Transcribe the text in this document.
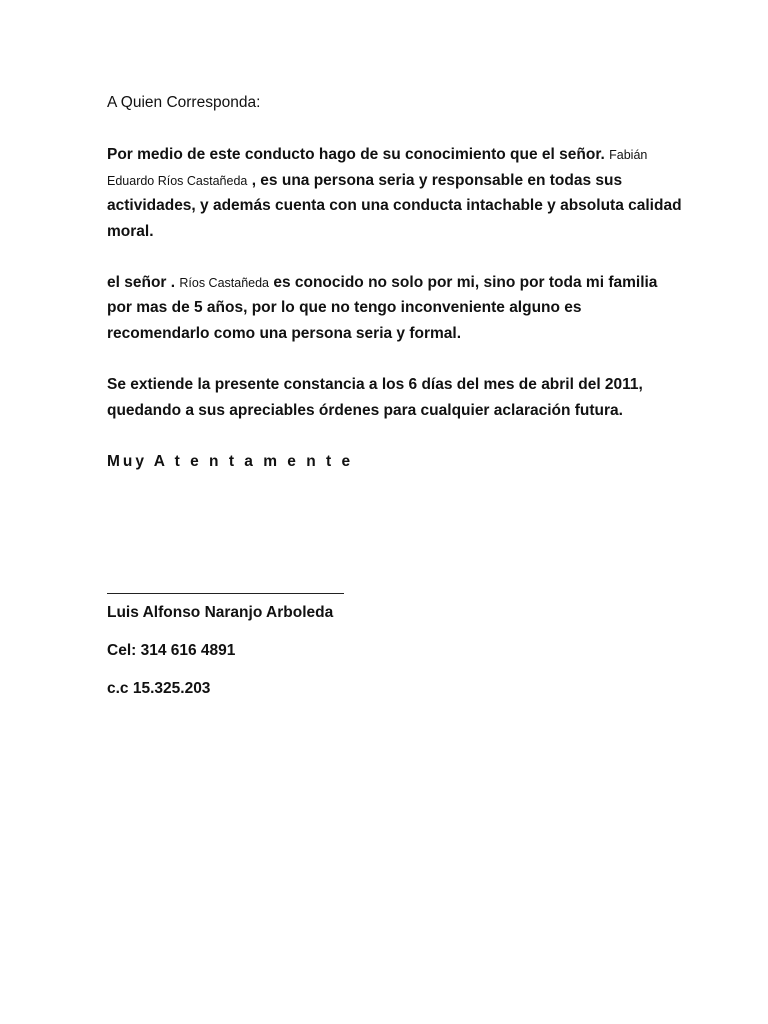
A Quien Corresponda:
Por medio de este conducto hago de su conocimiento que el señor. Fabián
Eduardo Ríos Castañeda , es una persona seria y responsable en todas sus
actividades, y además cuenta con una conducta intachable y absoluta calidad
moral.
el señor . Ríos Castañeda es conocido no solo por mi, sino por toda mi familia
por mas de 5 años, por lo que no tengo inconveniente alguno es
recomendarlo como una persona seria y formal.
Se extiende la presente constancia a los 6 días del mes de abril del 2011,
quedando a sus apreciables órdenes para cualquier aclaración futura.
Muy A t e n t a m e n t e
Luis Alfonso Naranjo Arboleda
Cel: 314 616 4891
c.c 15.325.203
